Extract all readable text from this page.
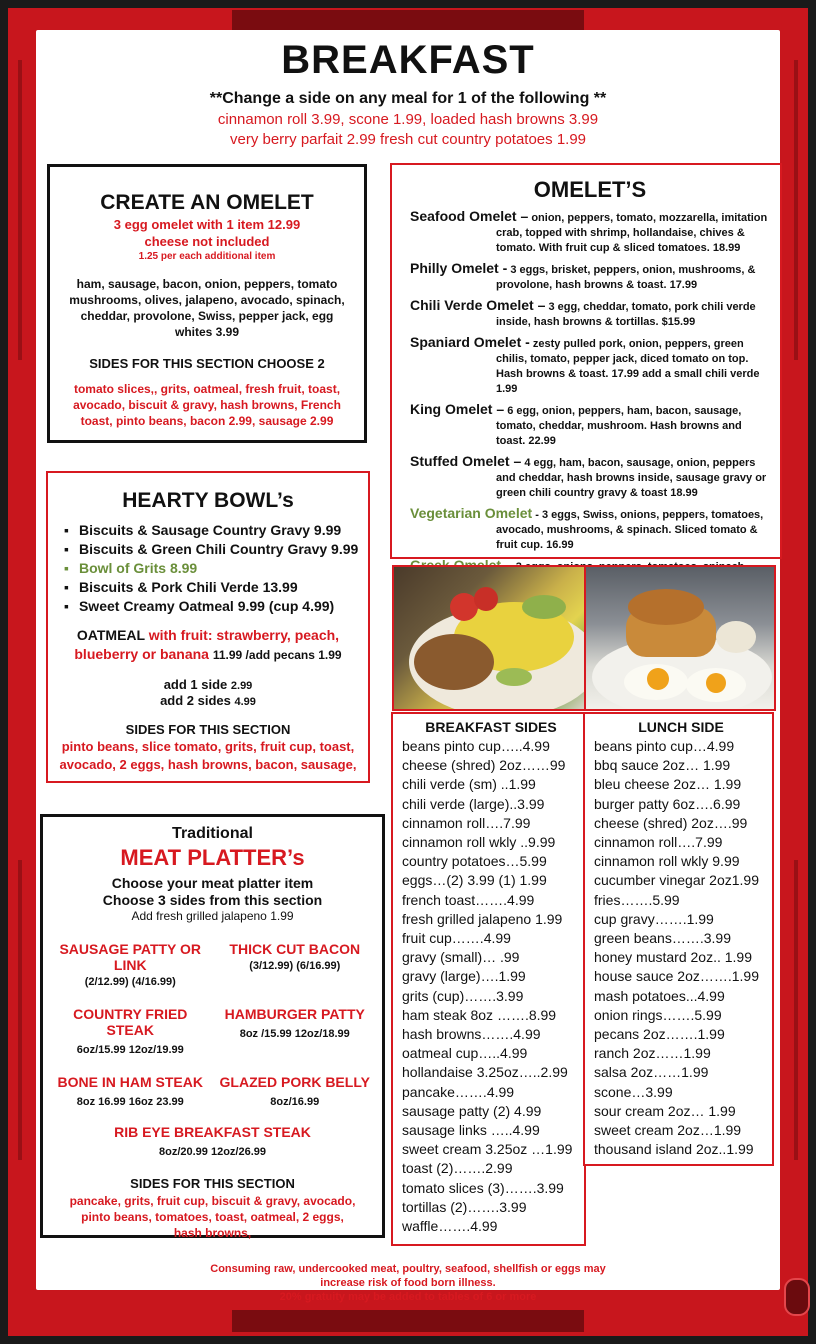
BREAKFAST
**Change a side on any meal for 1 of the following **
cinnamon roll 3.99, scone 1.99, loaded hash browns 3.99
very berry parfait 2.99 fresh cut country potatoes 1.99
CREATE AN OMELET
3 egg omelet with 1 item 12.99
cheese not included
1.25 per each additional item
ham, sausage, bacon, onion, peppers, tomato mushrooms, olives, jalapeno, avocado, spinach, cheddar, provolone, Swiss, pepper jack, egg whites 3.99
SIDES FOR THIS SECTION CHOOSE 2
tomato slices,, grits, oatmeal, fresh fruit, toast, avocado, biscuit & gravy, hash browns, French toast, pinto beans, bacon 2.99, sausage 2.99
OMELET’S
Seafood Omelet – onion, peppers, tomato, mozzarella, imitation crab, topped with shrimp, hollandaise, chives & tomato. With fruit cup & sliced tomatoes. 18.99
Philly Omelet - 3 eggs, brisket, peppers, onion, mushrooms, & provolone, hash browns & toast. 17.99
Chili Verde Omelet – 3 egg, cheddar, tomato, pork chili verde inside, hash browns & tortillas. $15.99
Spaniard Omelet - zesty pulled pork, onion, peppers, green chilis, tomato, pepper jack, diced tomato on top. Hash browns & toast. 17.99 add a small chili verde 1.99
King Omelet – 6 egg, onion, peppers, ham, bacon, sausage, tomato, cheddar, mushroom. Hash browns and toast. 22.99
Stuffed Omelet – 4 egg, ham, bacon, sausage, onion, peppers and cheddar, hash browns inside, sausage gravy or green chili country gravy & toast 18.99
Vegetarian Omelet - 3 eggs, Swiss, onions, peppers, tomatoes, avocado, mushrooms, & spinach. Sliced tomato & fruit cup. 16.99
HEARTY BOWL’s
▪ Biscuits & Sausage Country Gravy 9.99
▪ Biscuits & Green Chili Country Gravy 9.99
▪ Bowl of Grits 8.99
▪ Biscuits & Pork Chili Verde 13.99
▪ Sweet Creamy Oatmeal 9.99 (cup 4.99)
OATMEAL with fruit: strawberry, peach, blueberry or banana 11.99 /add pecans 1.99
add 1 side 2.99
add 2 sides 4.99
SIDES FOR THIS SECTION
pinto beans, slice tomato, grits, fruit cup, toast, avocado, 2 eggs, hash browns, bacon, sausage,
Traditional
MEAT PLATTER’s
Choose your meat platter item
Choose 3 sides from this section
Add fresh grilled jalapeno 1.99
SAUSAGE PATTY OR LINK
(2/12.99) (4/16.99)
THICK CUT BACON
(3/12.99) (6/16.99)
COUNTRY FRIED STEAK
6oz/15.99 12oz/19.99
HAMBURGER PATTY
8oz /15.99 12oz/18.99
BONE IN HAM STEAK
8oz 16.99 16oz 23.99
GLAZED PORK BELLY
8oz/16.99
RIB EYE BREAKFAST STEAK
8oz/20.99 12oz/26.99
SIDES FOR THIS SECTION
pancake, grits, fruit cup, biscuit & gravy, avocado, pinto beans, tomatoes, toast, oatmeal, 2 eggs, hash browns,
BREAKFAST SIDES
beans pinto cup…..4.99
cheese (shred) 2oz……99
chili verde (sm) ..1.99
chili verde (large)..3.99
cinnamon roll….7.99
cinnamon roll wkly ..9.99
country potatoes…5.99
eggs…(2) 3.99 (1) 1.99
french toast…….4.99
fresh grilled jalapeno 1.99
fruit cup…….4.99
gravy (small)… .99
gravy (large)….1.99
grits (cup)…….3.99
ham steak 8oz …….8.99
hash browns…….4.99
oatmeal cup…..4.99
hollandaise 3.25oz…..2.99
pancake…….4.99
sausage patty (2) 4.99
sausage links …..4.99
sweet cream 3.25oz …1.99
toast (2)…….2.99
tomato slices (3)…….3.99
tortillas (2)…….3.99
waffle…….4.99
LUNCH SIDE
beans pinto cup…4.99
bbq sauce 2oz… 1.99
bleu cheese 2oz… 1.99
burger patty 6oz….6.99
cheese (shred) 2oz….99
cinnamon roll….7.99
cinnamon roll wkly 9.99
cucumber vinegar 2oz1.99
fries…….5.99
cup gravy…….1.99
green beans…….3.99
honey mustard 2oz.. 1.99
house sauce 2oz…….1.99
mash potatoes...4.99
onion rings…….5.99
pecans 2oz…….1.99
ranch 2oz……1.99
salsa 2oz……1.99
scone…3.99
sour cream 2oz… 1.99
sweet cream 2oz…1.99
thousand island 2oz..1.99
Consuming raw, undercooked meat, poultry, seafood, shellfish or eggs may
increase risk of food born illness.
20% gratuity may be added to tables of 6 or more
